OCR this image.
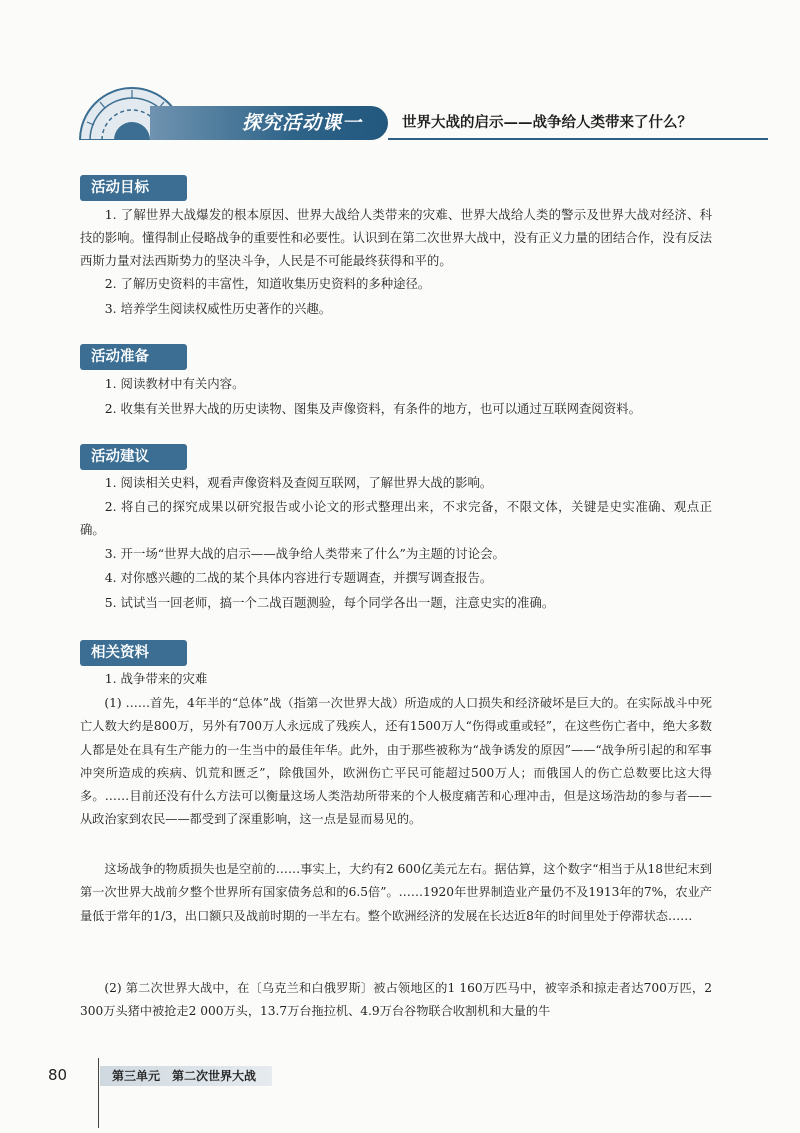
探究活动课一	世界大战的启示——战争给人类带来了什么？
活动目标

1. 了解世界大战爆发的根本原因、世界大战给人类带来的灾难、世界大战给人类的警示及世界大战对经济、科技的影响。懂得制止侵略战争的重要性和必要性。认识到在第二次世界大战中，没有正义力量的团结合作，没有反法西斯力量对法西斯势力的坚决斗争，人民是不可能最终获得和平的。

2. 了解历史资料的丰富性，知道收集历史资料的多种途径。

3. 培养学生阅读权威性历史著作的兴趣。

活动准备

1. 阅读教材中有关内容。

2. 收集有关世界大战的历史读物、图集及声像资料，有条件的地方，也可以通过互联网查阅资料。

活动建议

1. 阅读相关史料，观看声像资料及查阅互联网，了解世界大战的影响。

2. 将自己的探究成果以研究报告或小论文的形式整理出来，不求完备，不限文体，关键是史实准确、观点正确。

3. 开一场“世界大战的启示——战争给人类带来了什么”为主题的讨论会。

4. 对你感兴趣的二战的某个具体内容进行专题调查，并撰写调查报告。

5. 试试当一回老师，搞一个二战百题测验，每个同学各出一题，注意史实的准确。

相关资料

1. 战争带来的灾难

(1) ……首先，4年半的“总体”战（指第一次世界大战）所造成的人口损失和经济破坏是巨大的。在实际战斗中死亡人数大约是800万，另外有700万人永远成了残疾人，还有1500万人“伤得或重或轻”，在这些伤亡者中，绝大多数人都是处在具有生产能力的一生当中的最佳年华。此外，由于那些被称为“战争诱发的原因”——“战争所引起的和军事冲突所造成的疾病、饥荒和匮乏”，除俄国外，欧洲伤亡平民可能超过500万人；而俄国人的伤亡总数要比这大得多。……目前还没有什么方法可以衡量这场人类浩劫所带来的个人极度痛苦和心理冲击，但是这场浩劫的参与者——从政治家到农民——都受到了深重影响，这一点是显而易见的。

这场战争的物质损失也是空前的……事实上，大约有2 600亿美元左右。据估算，这个数字“相当于从18世纪末到第一次世界大战前夕整个世界所有国家债务总和的6.5倍”。……1920年世界制造业产量仍不及1913年的7%，农业产量低于常年的1/3，出口额只及战前时期的一半左右。整个欧洲经济的发展在长达近8年的时间里处于停滞状态……

(2) 第二次世界大战中，在〔乌克兰和白俄罗斯〕被占领地区的1 160万匹马中，被宰杀和掠走者达700万匹，2 300万头猪中被抢走2 000万头，13.7万台拖拉机、4.9万台谷物联合收割机和大量的牛

80	第三单元　第二次世界大战
